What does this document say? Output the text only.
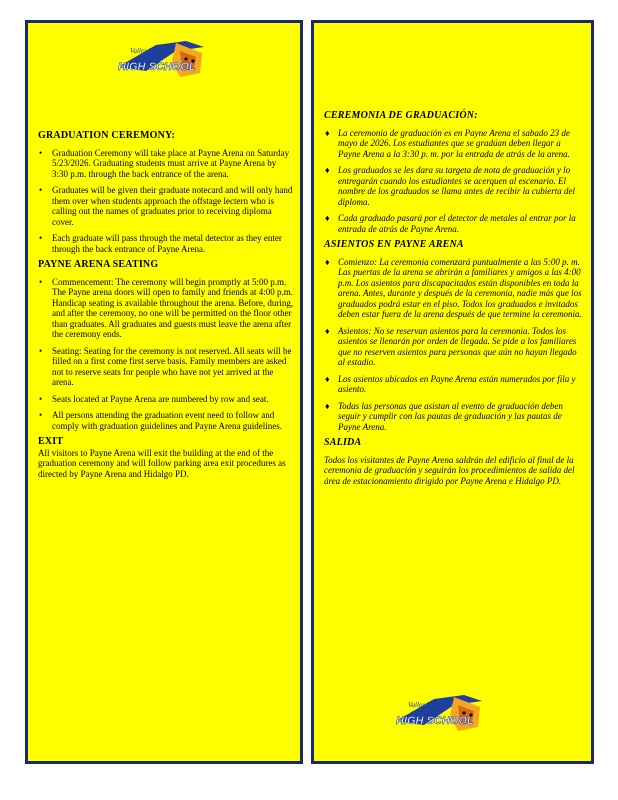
Valley View
HIGH SCHOOL
GRADUATION CEREMONY:
• Graduation Ceremony will take place at Payne Arena on Saturday 5/23/2026. Graduating students must arrive at Payne Arena by 3:30 p.m. through the back entrance of the arena.
• Graduates will be given their graduate notecard and will only hand them over when students approach the offstage lectern who is calling out the names of graduates prior to receiving diploma cover.
• Each graduate will pass through the metal detector as they enter through the back entrance of Payne Arena.
PAYNE ARENA SEATING
• Commencement: The ceremony will begin promptly at 5:00 p.m. The Payne arena doors will open to family and friends at 4:00 p.m. Handicap seating is available throughout the arena. Before, during, and after the ceremony, no one will be permitted on the floor other than graduates. All graduates and guests must leave the arena after the ceremony ends.
• Seating: Seating for the ceremony is not reserved. All seats will be filled on a first come first serve basis. Family members are asked not to reserve seats for people who have not yet arrived at the arena.
• Seats located at Payne Arena are numbered by row and seat.
• All persons attending the graduation event need to follow and comply with graduation guidelines and Payne Arena guidelines.
EXIT

All visitors to Payne Arena will exit the building at the end of the graduation ceremony and will follow parking area exit procedures as directed by Payne Arena and Hidalgo PD.

CEREMONIA DE GRADUACIÓN:
♦ La ceremonia de graduación es en Payne Arena el sabado 23 de mayo de 2026. Los estudiantes que se gradúan deben llegar a Payne Arena a la 3:30 p. m. por la entrada de atrás de la arena.
♦ Los graduados se les dara su targeta de nota de graduación y lo entregarán cuando los estudiantes se acerquen al escenario. El nombre de los graduados se llama antes de recibir la cubierta del diploma.
♦ Cada graduado pasará por el detector de metales al entrar por la entrada de atrás de Payne Arena.
ASIENTOS EN PAYNE ARENA
♦ Comienzo: La ceremonia comenzará puntualmente a las 5:00 p. m. Las puertas de la arena se abrirán a familiares y amigos a las 4:00 p.m. Los asientos para discapacitados están disponibles en toda la arena. Antes, durante y después de la ceremonia, nadie más que los graduados podrá estar en el piso. Todos los graduados e invitados deben estar fuera de la arena después de que termine la ceremonia.
♦ Asientos: No se reservan asientos para la ceremonia. Todos los asientos se llenarán por orden de llegada. Se pide a los familiares que no reserven asientos para personas que aún no hayan llegado al estadio.
♦ Los asientos ubicados en Payne Arena están numerados por fila y asiento.
♦ Todas las personas que asistan al evento de graduación deben seguir y cumplir con las pautas de graduación y las pautas de Payne Arena.
SALIDA

Todos los visitantes de Payne Arena saldrán del edificio al final de la ceremonia de graduación y seguirán los procedimientos de salida del área de estacionamiento dirigido por Payne Arena e Hidalgo PD.

Valley View
HIGH SCHOOL
